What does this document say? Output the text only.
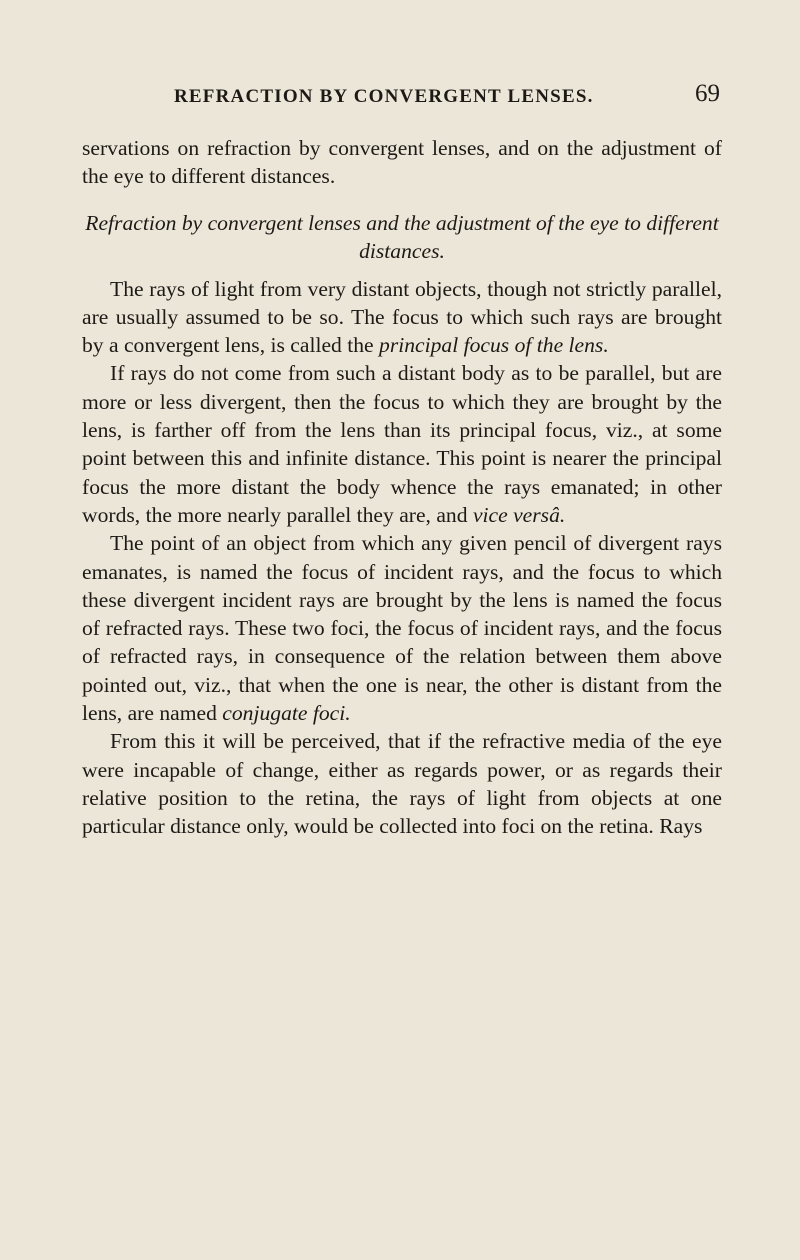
REFRACTION BY CONVERGENT LENSES.	69

servations on refraction by convergent lenses, and on the adjustment of the eye to different distances.

Refraction by convergent lenses and the adjustment of the eye to different distances.

The rays of light from very distant objects, though not strictly parallel, are usually assumed to be so. The focus to which such rays are brought by a convergent lens, is called the principal focus of the lens.

If rays do not come from such a distant body as to be parallel, but are more or less divergent, then the focus to which they are brought by the lens, is farther off from the lens than its principal focus, viz., at some point between this and infinite distance. This point is nearer the principal focus the more distant the body whence the rays emanated; in other words, the more nearly parallel they are, and vice versâ.

The point of an object from which any given pencil of divergent rays emanates, is named the focus of incident rays, and the focus to which these divergent incident rays are brought by the lens is named the focus of refracted rays. These two foci, the focus of incident rays, and the focus of refracted rays, in consequence of the relation between them above pointed out, viz., that when the one is near, the other is distant from the lens, are named conjugate foci.

From this it will be perceived, that if the refractive media of the eye were incapable of change, either as regards power, or as regards their relative position to the retina, the rays of light from objects at one particular distance only, would be collected into foci on the retina. Rays
